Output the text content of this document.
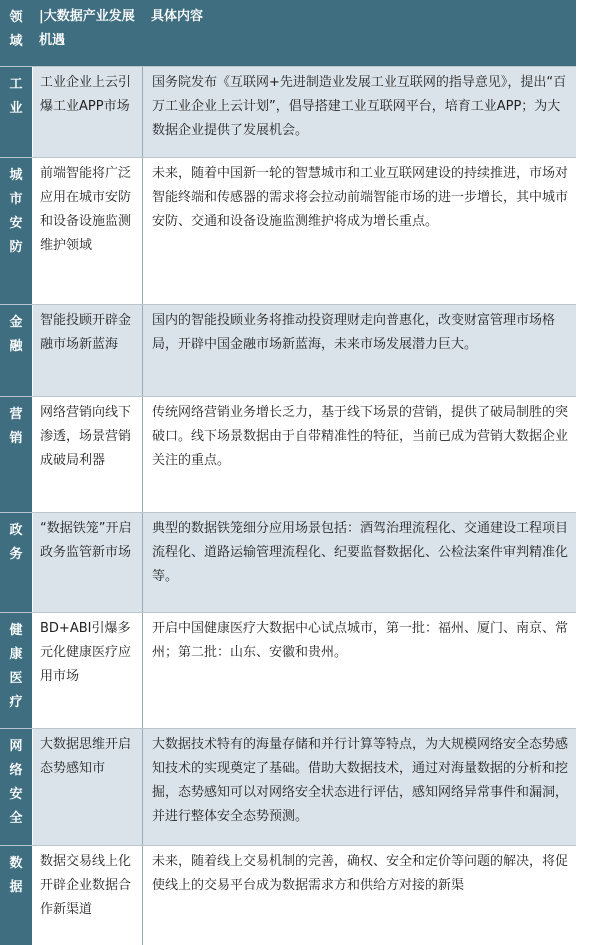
领域
|大数据产业发展机遇
具体内容
工业
工业企业上云引爆工业APP市场
国务院发布《互联网+先进制造业发展工业互联网的指导意见》，提出“百万工业企业上云计划”，倡导搭建工业互联网平台，培育工业APP；为大数据企业提供了发展机会。
城市安防
前端智能将广泛应用在城市安防和设备设施监测维护领域
未来，随着中国新一轮的智慧城市和工业互联网建设的持续推进，市场对智能终端和传感器的需求将会拉动前端智能市场的进一步增长，其中城市安防、交通和设备设施监测维护将成为增长重点。
金融
智能投顾开辟金融市场新蓝海
国内的智能投顾业务将推动投资理财走向普惠化，改变财富管理市场格局，开辟中国金融市场新蓝海，未来市场发展潜力巨大。
营销
网络营销向线下渗透，场景营销成破局利器
传统网络营销业务增长乏力，基于线下场景的营销，提供了破局制胜的突破口。线下场景数据由于自带精准性的特征，当前已成为营销大数据企业关注的重点。
政务
“数据铁笼”开启政务监管新市场
典型的数据铁笼细分应用场景包括：酒驾治理流程化、交通建设工程项目流程化、道路运输管理流程化、纪要监督数据化、公检法案件审判精准化等。
健康医疗
BD+ABI引爆多元化健康医疗应用市场
开启中国健康医疗大数据中心试点城市，第一批：福州、厦门、南京、常州；第二批：山东、安徽和贵州。
网络安全
大数据思维开启态势感知市
大数据技术特有的海量存储和并行计算等特点，为大规模网络安全态势感知技术的实现奠定了基础。借助大数据技术，通过对海量数据的分析和挖掘，态势感知可以对网络安全状态进行评估，感知网络异常事件和漏洞，并进行整体安全态势预测。
数据
数据交易线上化开辟企业数据合作新渠道
未来，随着线上交易机制的完善，确权、安全和定价等问题的解决，将促使线上的交易平台成为数据需求方和供给方对接的新渠
